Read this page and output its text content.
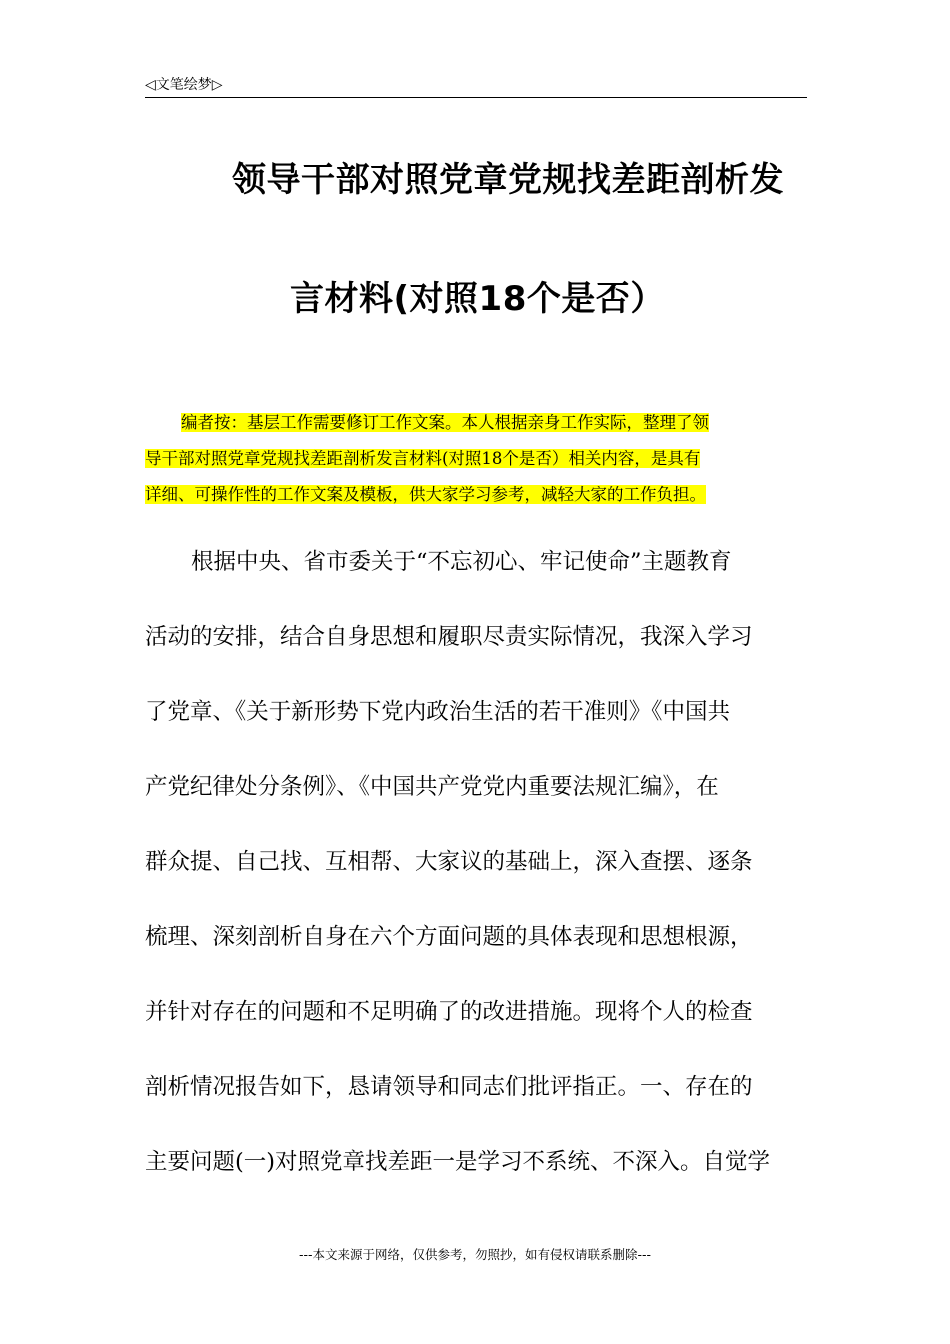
◁文笔绘梦▷
领导干部对照党章党规找差距剖析发
言材料(对照18个是否）
编者按：基层工作需要修订工作文案。本人根据亲身工作实际，整理了领
导干部对照党章党规找差距剖析发言材料(对照18个是否）相关内容，是具有
详细、可操作性的工作文案及模板，供大家学习参考，减轻大家的工作负担。
根据中央、省市委关于“不忘初心、牢记使命”主题教育
活动的安排，结合自身思想和履职尽责实际情况，我深入学习
了党章、《关于新形势下党内政治生活的若干准则》《中国共
产党纪律处分条例》、《中国共产党党内重要法规汇编》，在
群众提、自己找、互相帮、大家议的基础上，深入查摆、逐条
梳理、深刻剖析自身在六个方面问题的具体表现和思想根源，
并针对存在的问题和不足明确了的改进措施。现将个人的检查
剖析情况报告如下，恳请领导和同志们批评指正。一、存在的
主要问题(一)对照党章找差距一是学习不系统、不深入。自觉学
---本文来源于网络，仅供参考，勿照抄，如有侵权请联系删除---
